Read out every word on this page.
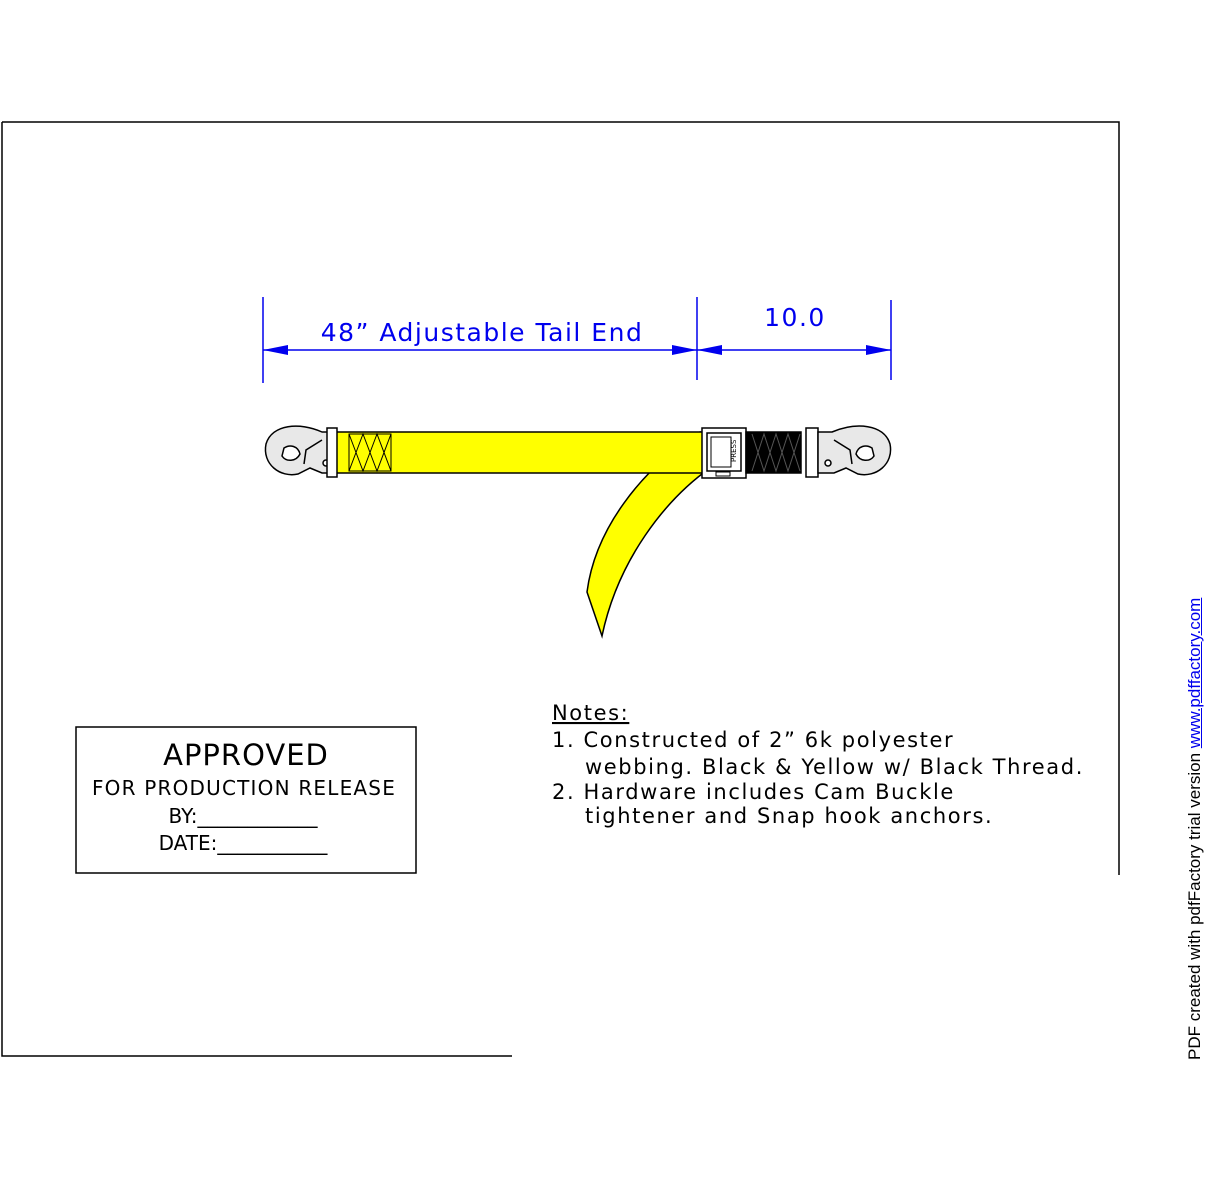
48” Adjustable Tail End
10.0
PRESS
Notes:
1. Constructed of 2” 6k polyester
webbing. Black & Yellow w/ Black Thread.
2. Hardware includes Cam Buckle
tightener and Snap hook anchors.
APPROVED
FOR PRODUCTION RELEASE
BY:____________
DATE:___________	PDF created with pdfFactory trial version www.pdffactory.com
